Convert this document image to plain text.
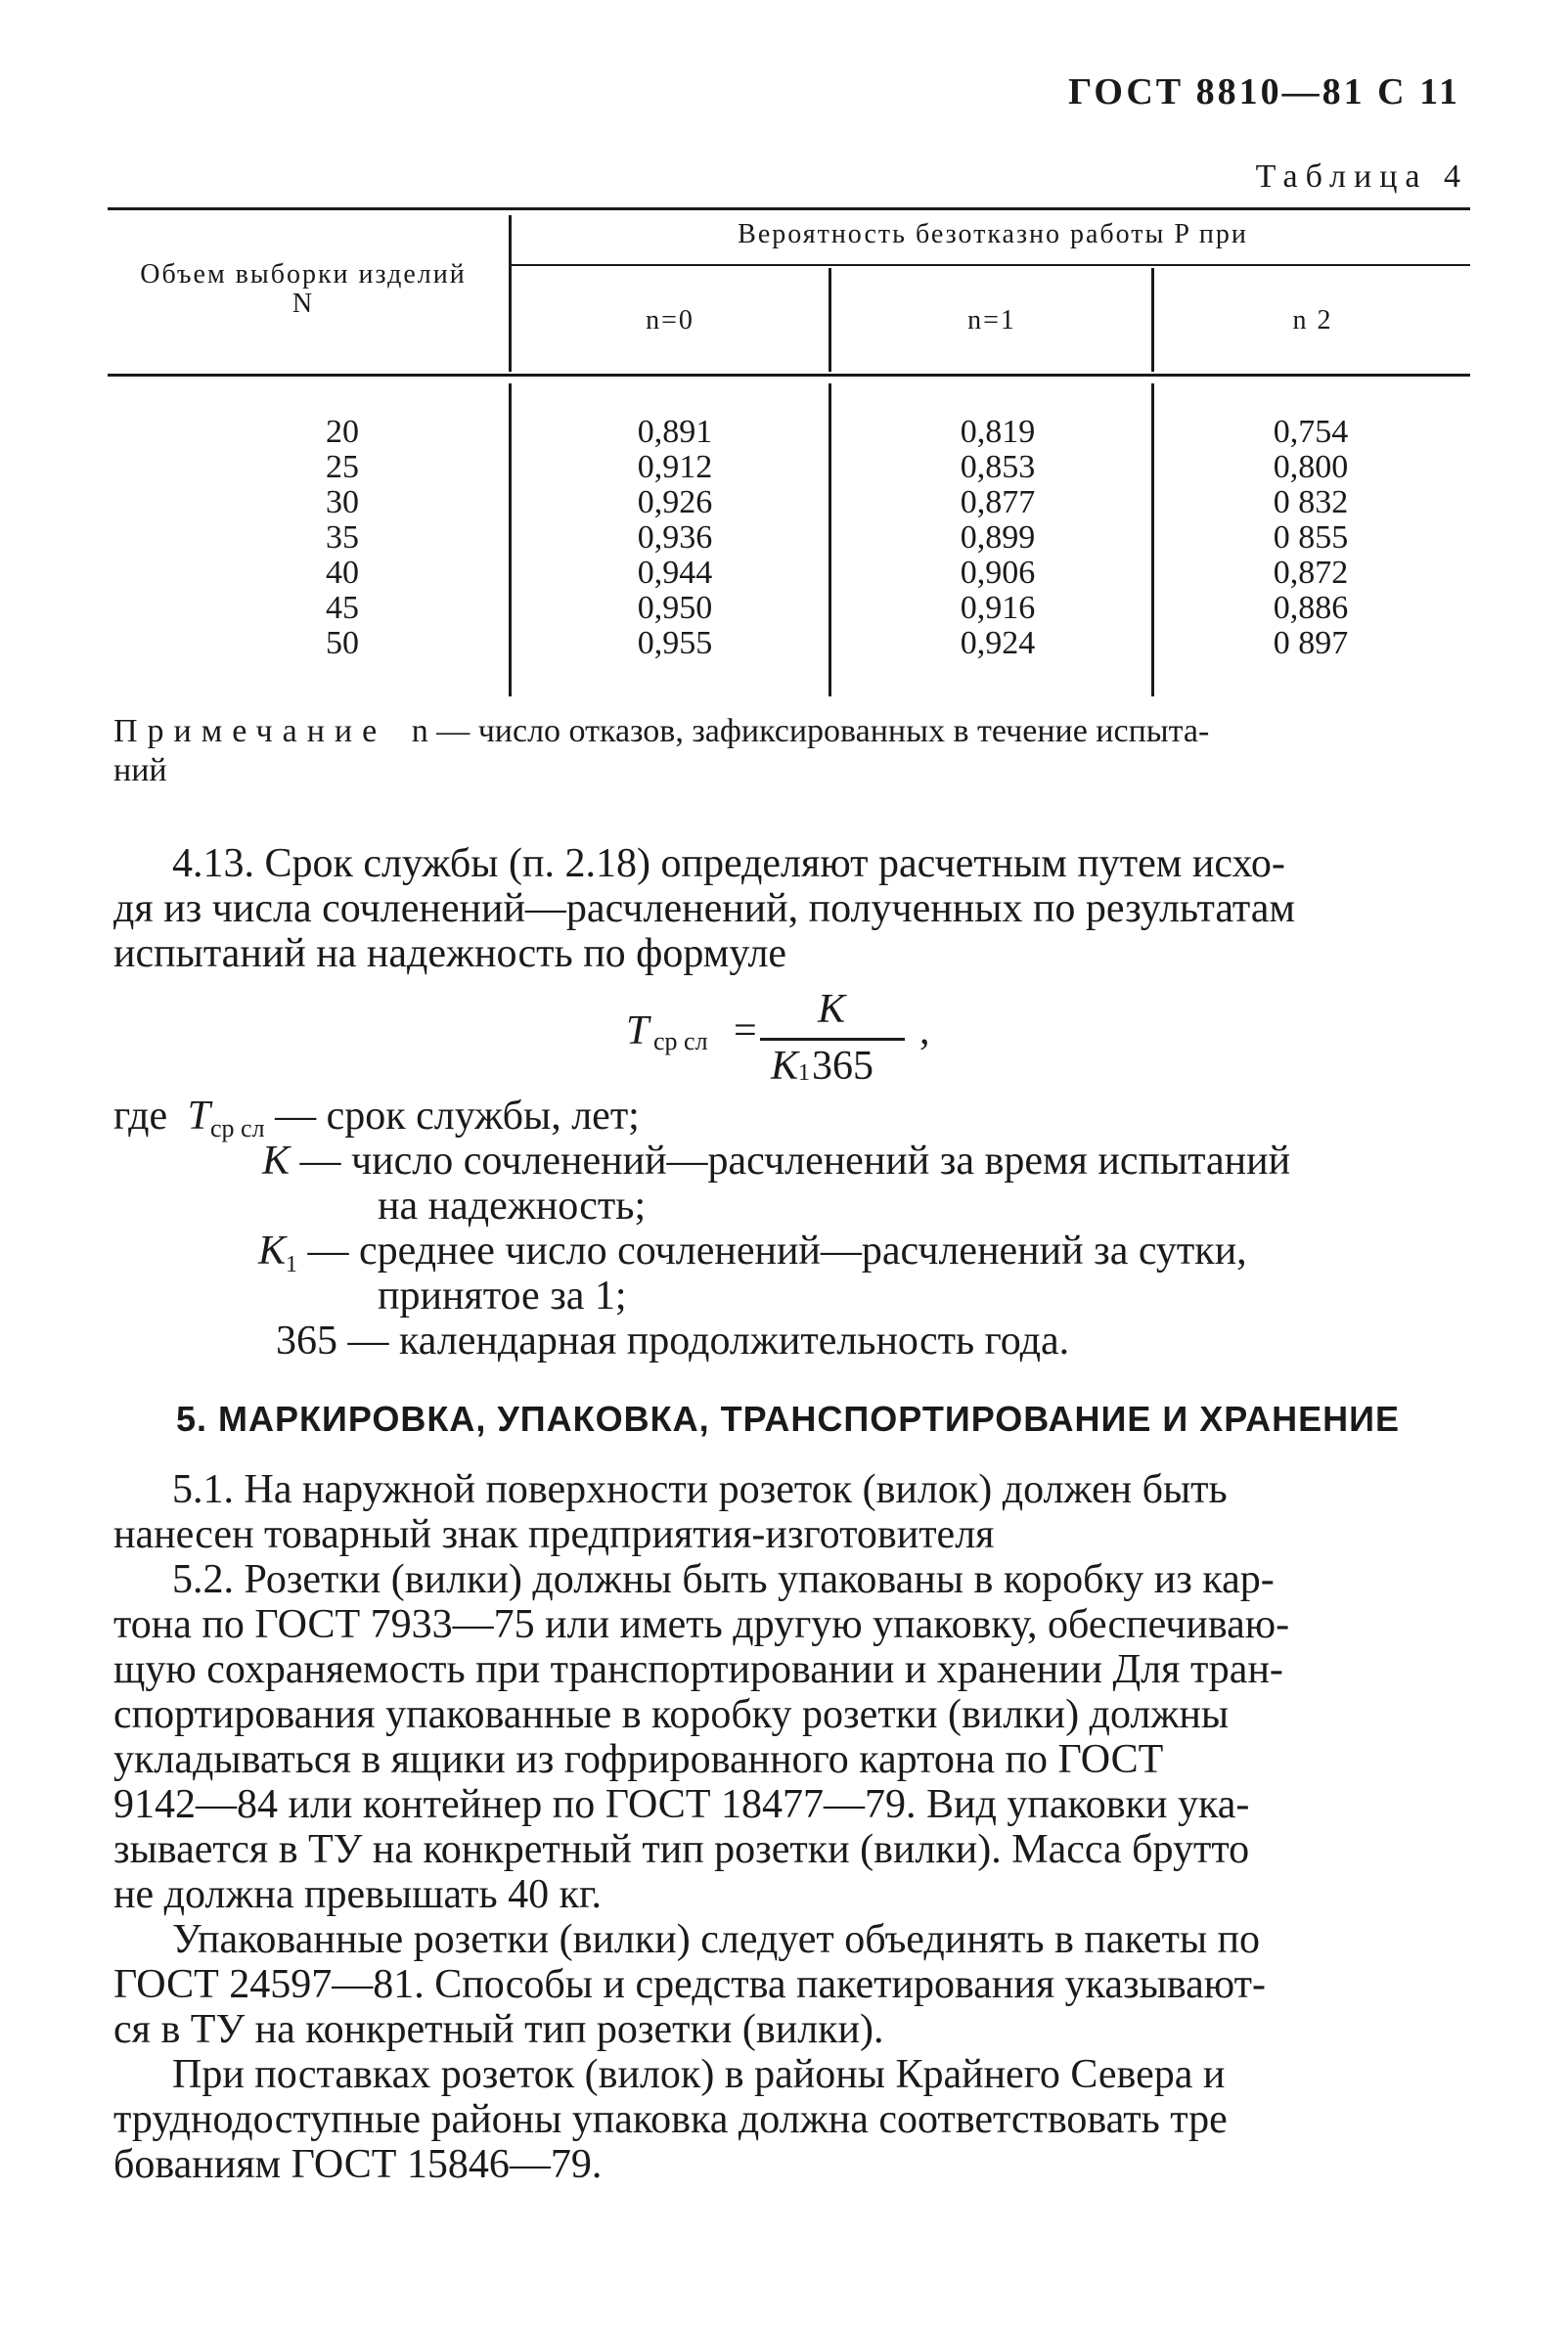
ГОСТ 8810—81 С 11
Таблица 4
Объем выборки изделий N
Вероятность безотказно работы P при
n=0	n=1	n 2
20
25
30
35
40
45
50
0,891
0,912
0,926
0,936
0,944
0,950
0,955
0,819
0,853
0,877
0,899
0,906
0,916
0,924
0,754
0,800
0 832
0 855
0,872
0,886
0 897
Примечание n — число отказов, зафиксированных в течение испыта-
ний
4.13. Срок службы (п. 2.18) определяют расчетным путем исхо-
дя из числа сочленений—расчленений, полученных по результатам
испытаний на надежность по формуле
T ср сл = K
K 1 365
,
где Tср сл — срок службы, лет;
K — число сочленений—расчленений за время испытаний
на надежность;
K1 — среднее число сочленений—расчленений за сутки,
принятое за 1;
365 — календарная продолжительность года.
5. МАРКИРОВКА, УПАКОВКА, ТРАНСПОРТИРОВАНИЕ И ХРАНЕНИЕ
5.1. На наружной поверхности розеток (вилок) должен быть
нанесен товарный знак предприятия-изготовителя
5.2. Розетки (вилки) должны быть упакованы в коробку из кар-
тона по ГОСТ 7933—75 или иметь другую упаковку, обеспечиваю-
щую сохраняемость при транспортировании и хранении Для тран-
спортирования упакованные в коробку розетки (вилки) должны
укладываться в ящики из гофрированного картона по ГОСТ
9142—84 или контейнер по ГОСТ 18477—79. Вид упаковки ука-
зывается в ТУ на конкретный тип розетки (вилки). Масса брутто
не должна превышать 40 кг.
Упакованные розетки (вилки) следует объединять в пакеты по
ГОСТ 24597—81. Способы и средства пакетирования указывают-
ся в ТУ на конкретный тип розетки (вилки).
При поставках розеток (вилок) в районы Крайнего Севера и
труднодоступные районы упаковка должна соответствовать тре
бованиям ГОСТ 15846—79.
